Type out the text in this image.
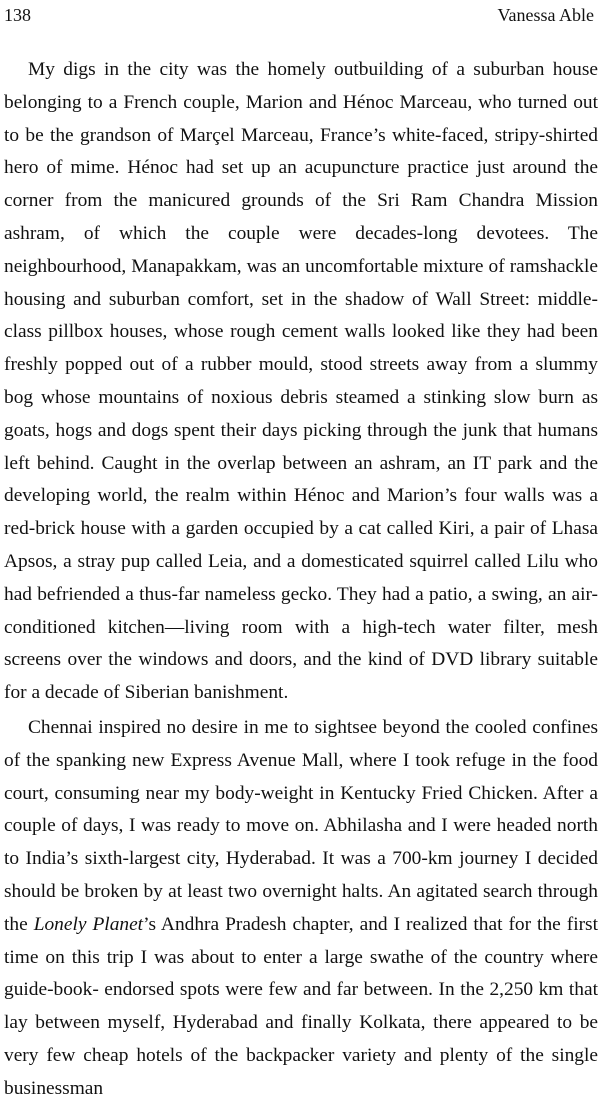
138	Vanessa Able

My digs in the city was the homely outbuilding of a suburban house belonging to a French couple, Marion and Hénoc Marceau, who turned out to be the grandson of Marçel Marceau, France’s white-faced, stripy-shirted hero of mime. Hénoc had set up an acupuncture practice just around the corner from the manicured grounds of the Sri Ram Chandra Mission ashram, of which the couple were decades-long devotees. The neighbourhood, Manapakkam, was an uncomfortable mixture of ramshackle housing and suburban comfort, set in the shadow of Wall Street: middle-class pillbox houses, whose rough cement walls looked like they had been freshly popped out of a rubber mould, stood streets away from a slummy bog whose mountains of noxious debris steamed a stinking slow burn as goats, hogs and dogs spent their days picking through the junk that humans left behind. Caught in the overlap between an ashram, an IT park and the developing world, the realm within Hénoc and Marion’s four walls was a red-brick house with a garden occupied by a cat called Kiri, a pair of Lhasa Apsos, a stray pup called Leia, and a domesticated squirrel called Lilu who had befriended a thus-far nameless gecko. They had a patio, a swing, an air-conditioned kitchen—living room with a high-tech water filter, mesh screens over the windows and doors, and the kind of DVD library suitable for a decade of Siberian banishment.

Chennai inspired no desire in me to sightsee beyond the cooled confines of the spanking new Express Avenue Mall, where I took refuge in the food court, consuming near my body-weight in Kentucky Fried Chicken. After a couple of days, I was ready to move on. Abhilasha and I were headed north to India’s sixth-largest city, Hyderabad. It was a 700-km journey I decided should be broken by at least two overnight halts. An agitated search through the Lonely Planet’s Andhra Pradesh chapter, and I realized that for the first time on this trip I was about to enter a large swathe of the country where guide-book- endorsed spots were few and far between. In the 2,250 km that lay between myself, Hyderabad and finally Kolkata, there appeared to be very few cheap hotels of the backpacker variety and plenty of the single businessman
